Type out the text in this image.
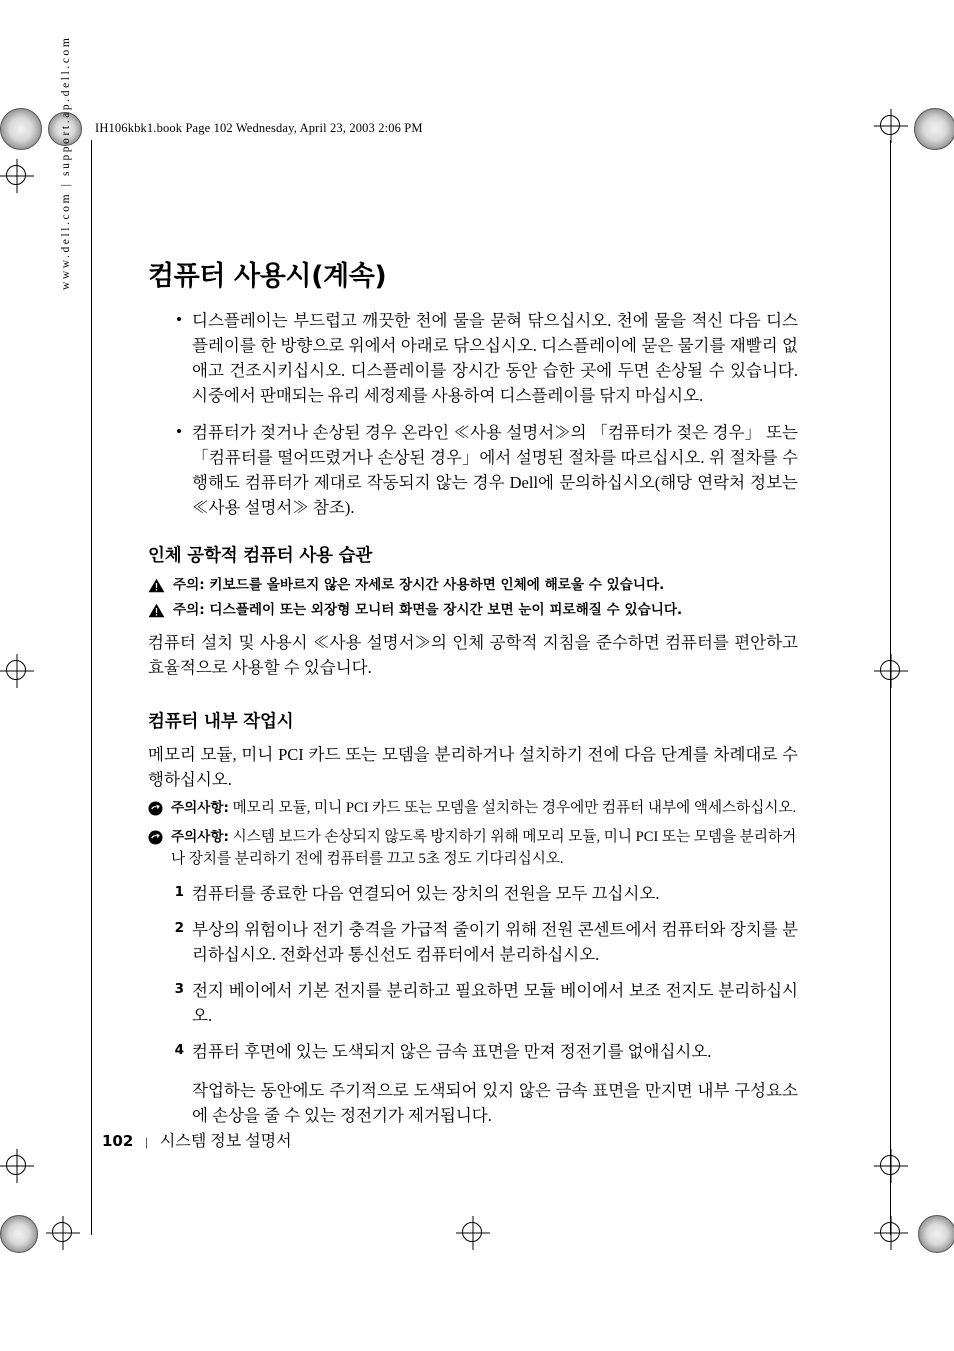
IH106kbk1.book Page 102 Wednesday, April 23, 2003 2:06 PM
www.dell.com | support.ap.dell.com	컴퓨터 사용시(계속)
디스플레이는 부드럽고 깨끗한 천에 물을 묻혀 닦으십시오. 천에 물을 적신 다음 디스플레이를 한 방향으로 위에서 아래로 닦으십시오. 디스플레이에 묻은 물기를 재빨리 없애고 건조시키십시오. 디스플레이를 장시간 동안 습한 곳에 두면 손상될 수 있습니다. 시중에서 판매되는 유리 세정제를 사용하여 디스플레이를 닦지 마십시오.
컴퓨터가 젖거나 손상된 경우 온라인 ≪사용 설명서≫의 「컴퓨터가 젖은 경우」 또는 「컴퓨터를 떨어뜨렸거나 손상된 경우」에서 설명된 절차를 따르십시오. 위 절차를 수행해도 컴퓨터가 제대로 작동되지 않는 경우 Dell에 문의하십시오(해당 연락처 정보는 ≪사용 설명서≫ 참조).
인체 공학적 컴퓨터 사용 습관
주의: 키보드를 올바르지 않은 자세로 장시간 사용하면 인체에 해로울 수 있습니다.
주의: 디스플레이 또는 외장형 모니터 화면을 장시간 보면 눈이 피로해질 수 있습니다.

컴퓨터 설치 및 사용시 ≪사용 설명서≫의 인체 공학적 지침을 준수하면 컴퓨터를 편안하고 효율적으로 사용할 수 있습니다.

컴퓨터 내부 작업시

메모리 모듈, 미니 PCI 카드 또는 모뎀을 분리하거나 설치하기 전에 다음 단계를 차례대로 수행하십시오.

주의사항: 메모리 모듈, 미니 PCI 카드 또는 모뎀을 설치하는 경우에만 컴퓨터 내부에 액세스하십시오.
주의사항: 시스템 보드가 손상되지 않도록 방지하기 위해 메모리 모듈, 미니 PCI 또는 모뎀을 분리하거나 장치를 분리하기 전에 컴퓨터를 끄고 5초 정도 기다리십시오.
1 컴퓨터를 종료한 다음 연결되어 있는 장치의 전원을 모두 끄십시오.
2 부상의 위험이나 전기 충격을 가급적 줄이기 위해 전원 콘센트에서 컴퓨터와 장치를 분리하십시오. 전화선과 통신선도 컴퓨터에서 분리하십시오.
3 전지 베이에서 기본 전지를 분리하고 필요하면 모듈 베이에서 보조 전지도 분리하십시오.
4 컴퓨터 후면에 있는 도색되지 않은 금속 표면을 만져 정전기를 없애십시오.

작업하는 동안에도 주기적으로 도색되어 있지 않은 금속 표면을 만지면 내부 구성요소에 손상을 줄 수 있는 정전기가 제거됩니다.

102 | 시스템 정보 설명서
